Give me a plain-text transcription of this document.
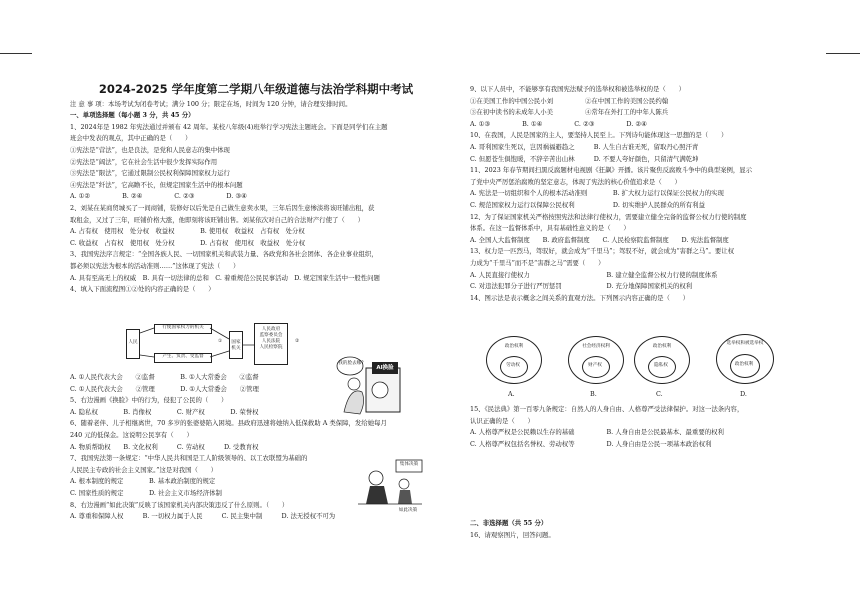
2024-2025 学年度第二学期八年级道德与法治学科期中考试

注 意 事 项：本场考试为闭卷考试；满分 100 分；限定在场，时间为 120 分钟，请合理安排时间。

一、单项选择题（每小题 3 分，共 45 分）

1、2024年是 1982 年宪法通过并颁布 42 周年。某校八年级(4)班举行学习宪法主题班会。下面是同学们在主题

班会中发表的观点，其中正确的是（　　）

①宪法是“营法”，也是良法，是党和人民意志的集中体现

②宪法是“阔法”，它在社会生活中很少发挥实际作用

③宪法是“限法”，它通过限制公民权利保障国家权力运行

④宪法是“纤法”，它高瞻不长，但规定国家生活中的根本问题

A. ①②　　　　　B. ②④　　　　　C. ②③　　　　　D. ③④

2、刘某在某商贸城买了一间商铺，装修好以后先是自己做生意卖水果，三年后因生意惨淡将该旺铺出租，获

取租金，又过了三年，旺铺价格大涨，他即刻将该旺铺出售。刘某依次对自己的合法财产行使了（　　）

A. 占有权　使用权　处分权　收益权　　　　B. 使用权　收益权　占有权　处分权

C. 收益权　占有权　使用权　处分权　　　　D. 占有权　使用权　收益权　处分权

3、我国宪法序言规定：“全国各族人民、一切国家机关和武装力量、各政党和各社会团体、各企业事业组织，

都必须以宪法为根本的活动准则……”这体现了宪法（　　）

A. 具有至高无上的权威　B. 具有一切法律的总和　C. 着重规范公民民事活动　D. 规定国家生活中一般性问题

4、填入下面流程图①②处的内容正确的是（　　）

人民
行使国家权力的机关
产生、负责、受监督
①	国家机关
人民政府
监察委员会
人民法院
人民检察院
②

A. ①人民代表大会　　②监督　　　　B. ①人大常委会　　②监督

C. ①人民代表大会　　②管理　　　　D. ①人大常委会　　②管理

5、右边漫画《换脸》中的行为，侵犯了公民的（　　）

A. 隐私权　　　　B. 肖像权　　　　C. 财产权　　　　D. 荣誉权

6、随着老伴、儿子相继离世，70 多岁的张婆婆陷入困境。县政府迅速将她纳入低保救助 A 类保障，发给她每月

240 元的低保金。这说明公民享有（　　）

A. 物质帮助权　　B. 文化权利　　　C. 劳动权　　　D. 受教育权

7、我国宪法第一条规定：“中华人民共和国是工人阶级领导的、以工农联盟为基础的

人民民主专政的社会主义国家。”这是对我国（　　）

A. 根本制度的规定　　　　B. 基本政治制度的规定

C. 国家性质的规定　　　　D. 社会主义市场经济体制

8、右边漫画“如此决策”反映了该国家机关内部决策违反了什么原则。（　　）

A. 尊重和保障人权　　　B. 一切权力属于人民　　　C. 民主集中制　　　D. 法无授权不可为

我的脸去哪?
AI换脸
集体决策
如此决策

9、以下人员中，不能够享有我国宪法赋予的选举权和被选举权的是（　　）

①在美国工作的中国公民小刘　　　　　②在中国工作的美国公民约翰

③在初中读书的未成年人小美　　　　　④常年在外打工的中年人陈兵

A. ①③　　　　　B. ①④　　　　　C. ②③　　　　　D. ②④

10、在我国，人民是国家的主人，要坚持人民至上。下列诗句能体现这一思想的是（　　）

A. 哥利国家生死以，岂因祸福避趋之　　　B. 人生自古谁无死，留取丹心照汗青

C. 但愿苍生俱饱暖，不辞辛苦出山林　　　D. 不要人夸好颜色，只留清气满乾坤

11、2023 年春节期间扫黑反腐题材电视剧《狂飙》开播。该片聚焦反腐败斗争中的典型案例，显示

了党中央严厉惩治腐败的坚定意志，体现了宪法的核心价值追求是（　　）

A. 宪法是一切组织和个人的根本活动准则　　　　B. 扩大权力运行以保证公民权力的实现

C. 规范国家权力运行以保障公民权利　　　　　　D. 切实维护人民群众的所有利益

12、为了保证国家机关严格按照宪法和法律行使权力，需要建立健全完备的监督公权力行使的制度

体系。在这一监督体系中，具有基础性意义的是（　　）

A. 全国人大监督制度　　B. 政府监督制度　　C. 人民检察院监督制度　　D. 宪法监督制度

13、权力是一匹烈马，驾驭好，就会成为“千里马”；驾驭不好，就会成为“害群之马”。要让权

力成为“千里马”而不是“害群之马”需要（　　）

A. 人民直接行使权力　　　　　　　　　　　　B. 建立健全监督公权力行使的制度体系

C. 对违法犯罪分子进行严厉惩罚　　　　　　　D. 充分地保障国家机关的权利

14、图示法是表示概念之间关系的直观方法。下列图示内容正确的是（　　）

政治权利
劳动权
A.
社会经济权利
财产权
B.
政治权利
隐私权
C.
选举权和被选举权
政治权利
D.

15、《民法典》第一百零九条规定：自然人的人身自由、人格尊严受法律保护。对这一法条内容，

认识正确的是（　　）

A. 人格尊严权是公民赖以生存的基础　　　　　B. 人身自由是公民最基本、最重要的权利

C. 人格尊严权包括名誉权、劳动权等　　　　　D. 人身自由是公民一项基本政治权利

二、非选择题（共 55 分）

16、请观察图片，回答问题。
